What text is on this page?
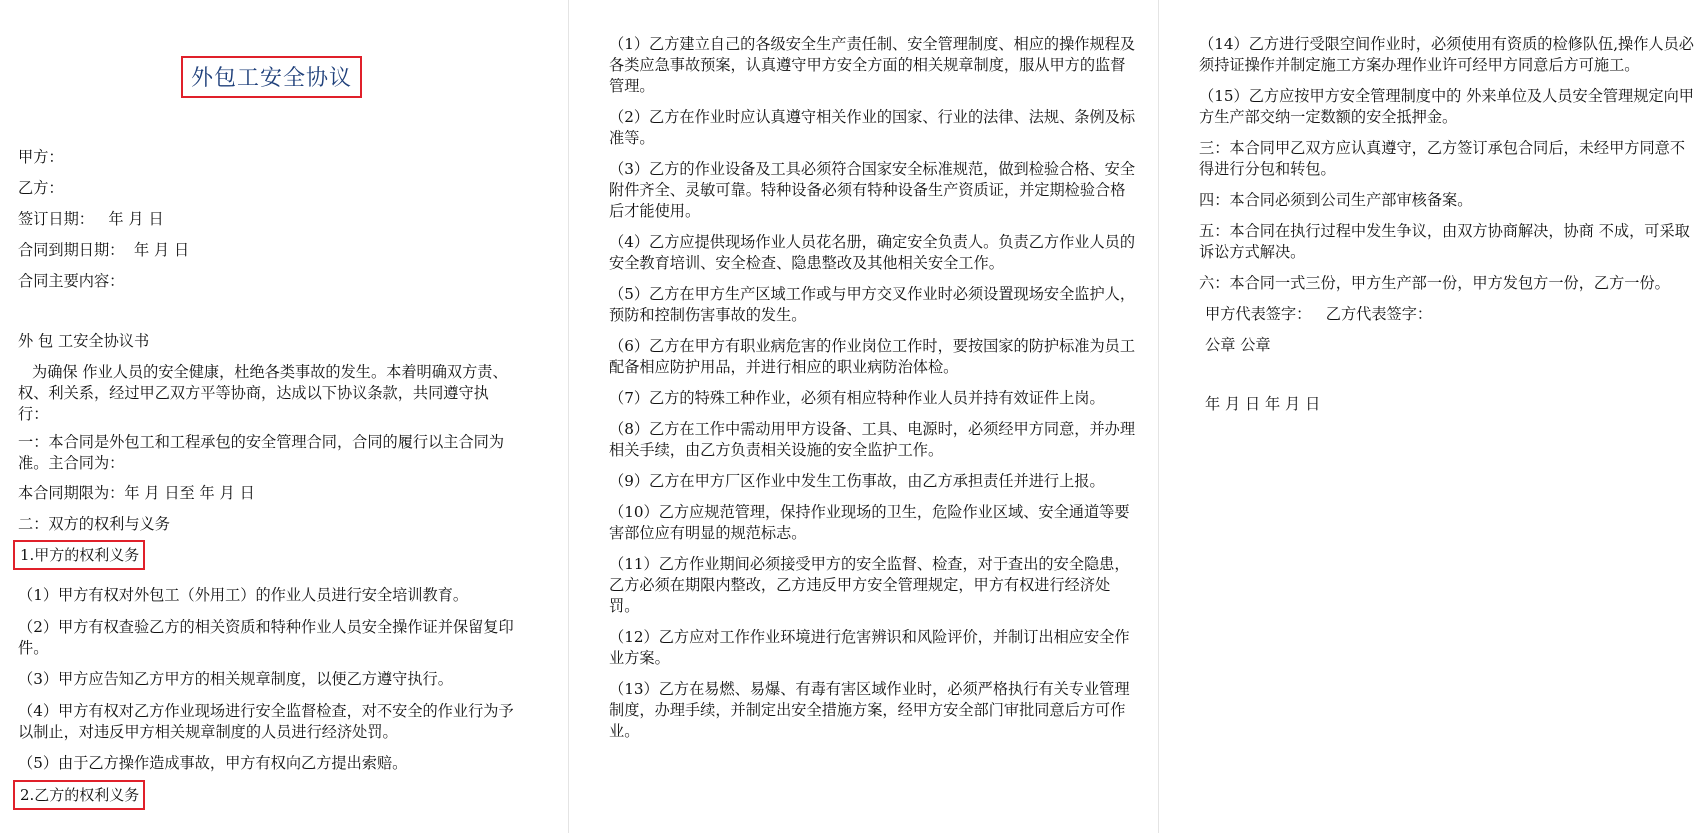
外包工安全协议

甲方：

乙方：

签订日期：   年 月 日

合同到期日期：  年 月 日

合同主要内容：

外 包 工安全协议书

为确保 作业人员的安全健康，杜绝各类事故的发生。本着明确双方责、权、利关系，经过甲乙双方平等协商，达成以下协议条款，共同遵守执行：

一：本合同是外包工和工程承包的安全管理合同，合同的履行以主合同为准。主合同为：

本合同期限为：年 月 日至 年 月 日

二：双方的权利与义务

1.甲方的权利义务

（1）甲方有权对外包工（外用工）的作业人员进行安全培训教育。

（2）甲方有权查验乙方的相关资质和特种作业人员安全操作证并保留复印件。

（3）甲方应告知乙方甲方的相关规章制度，以便乙方遵守执行。

（4）甲方有权对乙方作业现场进行安全监督检查，对不安全的作业行为予以制止，对违反甲方相关规章制度的人员进行经济处罚。

（5）由于乙方操作造成事故，甲方有权向乙方提出索赔。

2.乙方的权利义务

（1）乙方建立自己的各级安全生产责任制、安全管理制度、相应的操作规程及各类应急事故预案，认真遵守甲方安全方面的相关规章制度，服从甲方的监督管理。

（2）乙方在作业时应认真遵守相关作业的国家、行业的法律、法规、条例及标准等。

（3）乙方的作业设备及工具必须符合国家安全标准规范，做到检验合格、安全附件齐全、灵敏可靠。特种设备必须有特种设备生产资质证，并定期检验合格后才能使用。

（4）乙方应提供现场作业人员花名册，确定安全负责人。负责乙方作业人员的安全教育培训、安全检查、隐患整改及其他相关安全工作。

（5）乙方在甲方生产区域工作或与甲方交叉作业时必须设置现场安全监护人，预防和控制伤害事故的发生。

（6）乙方在甲方有职业病危害的作业岗位工作时，要按国家的防护标准为员工配备相应防护用品，并进行相应的职业病防治体检。

（7）乙方的特殊工种作业，必须有相应特种作业人员并持有效证件上岗。

（8）乙方在工作中需动用甲方设备、工具、电源时，必须经甲方同意，并办理相关手续，由乙方负责相关设施的安全监护工作。

（9）乙方在甲方厂区作业中发生工伤事故，由乙方承担责任并进行上报。

（10）乙方应规范管理，保持作业现场的卫生，危险作业区域、安全通道等要害部位应有明显的规范标志。

（11）乙方作业期间必须接受甲方的安全监督、检查，对于查出的安全隐患，乙方必须在期限内整改，乙方违反甲方安全管理规定，甲方有权进行经济处罚。

（12）乙方应对工作作业环境进行危害辨识和风险评价，并制订出相应安全作业方案。

（13）乙方在易燃、易爆、有毒有害区域作业时，必须严格执行有关专业管理制度，办理手续，并制定出安全措施方案，经甲方安全部门审批同意后方可作业。

（14）乙方进行受限空间作业时，必须使用有资质的检修队伍,操作人员必须持证操作并制定施工方案办理作业许可经甲方同意后方可施工。

（15）乙方应按甲方安全管理制度中的 外来单位及人员安全管理规定向甲方生产部交纳一定数额的安全抵押金。

三：本合同甲乙双方应认真遵守，乙方签订承包合同后，未经甲方同意不得进行分包和转包。

四：本合同必须到公司生产部审核备案。

五：本合同在执行过程中发生争议，由双方协商解决，协商 不成，可采取诉讼方式解决。

六：本合同一式三份，甲方生产部一份，甲方发包方一份，乙方一份。

甲方代表签字：   乙方代表签字：

公章 公章

年 月 日 年 月 日
